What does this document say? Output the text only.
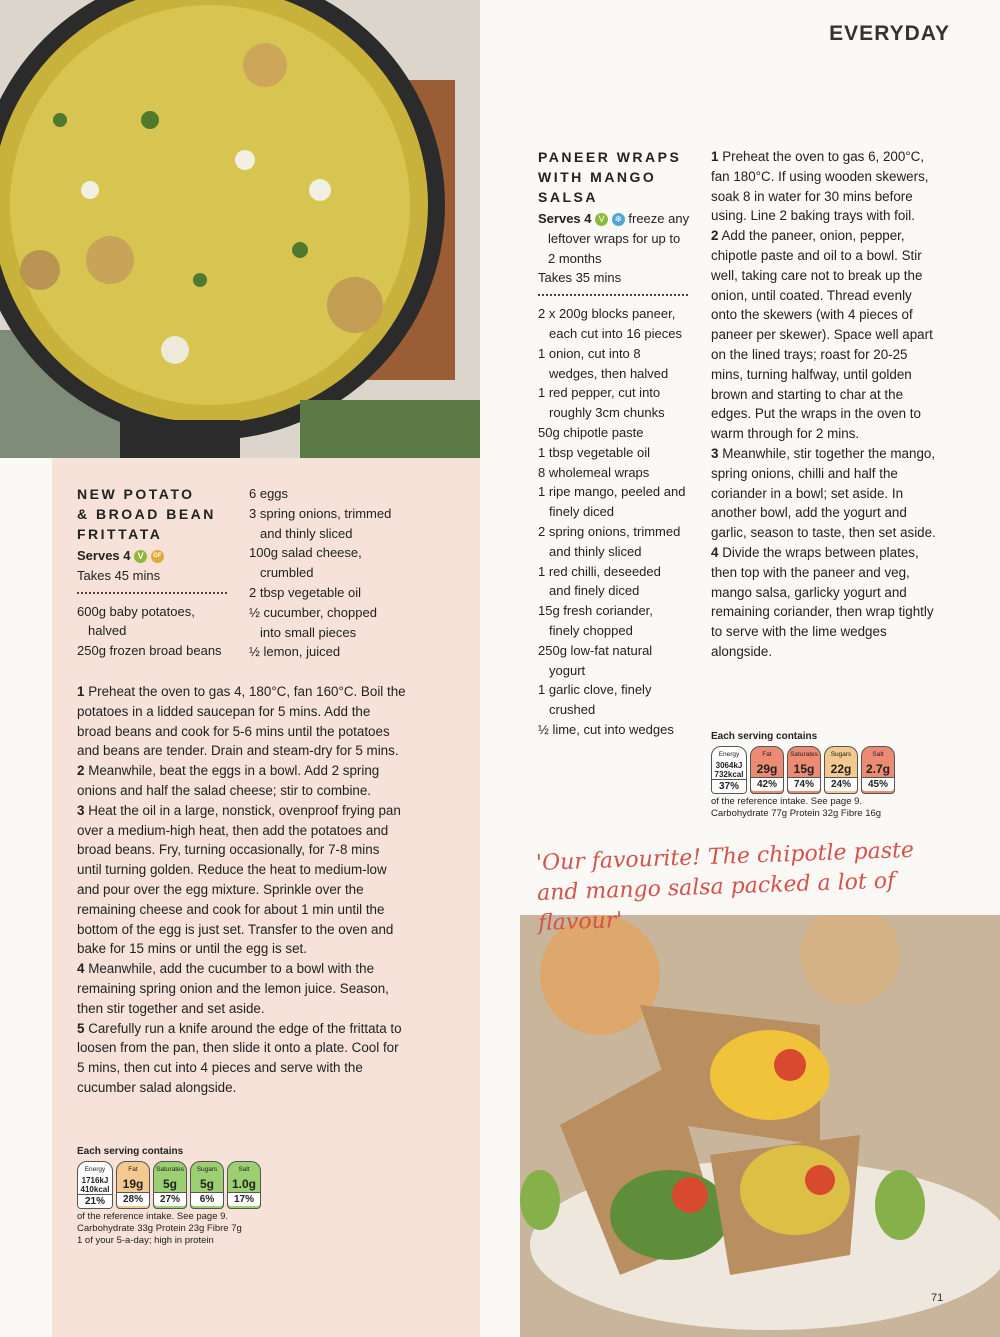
EVERYDAY
NEW POTATO
& BROAD BEAN
FRITTATA
Serves 4 V GF
Takes 45 mins
600g baby potatoes,
halved
250g frozen broad beans
6 eggs
3 spring onions, trimmed
and thinly sliced
100g salad cheese,
crumbled
2 tbsp vegetable oil
½ cucumber, chopped
into small pieces
½ lemon, juiced

1 Preheat the oven to gas 4, 180°C, fan 160°C. Boil the potatoes in a lidded saucepan for 5 mins. Add the broad beans and cook for 5-6 mins until the potatoes and beans are tender. Drain and steam-dry for 5 mins.

2 Meanwhile, beat the eggs in a bowl. Add 2 spring onions and half the salad cheese; stir to combine.

3 Heat the oil in a large, nonstick, ovenproof frying pan over a medium-high heat, then add the potatoes and broad beans. Fry, turning occasionally, for 7-8 mins until turning golden. Reduce the heat to medium-low and pour over the egg mixture. Sprinkle over the remaining cheese and cook for about 1 min until the bottom of the egg is just set. Transfer to the oven and bake for 15 mins or until the egg is set.

4 Meanwhile, add the cucumber to a bowl with the remaining spring onion and the lemon juice. Season, then stir together and set aside.

5 Carefully run a knife around the edge of the frittata to loosen from the pan, then slide it onto a plate. Cool for 5 mins, then cut into 4 pieces and serve with the cucumber salad alongside.

Each serving contains
Energy
1716kJ
410kcal
21%
Fat
19g
28%
Saturates
5g
27%
Sugars
5g
6%
Salt
1.0g
17%
of the reference intake. See page 9.
Carbohydrate 33g Protein 23g Fibre 7g
1 of your 5-a-day; high in protein
PANEER WRAPS
WITH MANGO
SALSA
Serves 4 V ❄ freeze any
leftover wraps for up to
2 months
Takes 35 mins
2 x 200g blocks paneer,
each cut into 16 pieces
1 onion, cut into 8
wedges, then halved
1 red pepper, cut into
roughly 3cm chunks
50g chipotle paste
1 tbsp vegetable oil
8 wholemeal wraps
1 ripe mango, peeled and
finely diced
2 spring onions, trimmed
and thinly sliced
1 red chilli, deseeded
and finely diced
15g fresh coriander,
finely chopped
250g low-fat natural
yogurt
1 garlic clove, finely
crushed
½ lime, cut into wedges

1 Preheat the oven to gas 6, 200°C, fan 180°C. If using wooden skewers, soak 8 in water for 30 mins before using. Line 2 baking trays with foil.

2 Add the paneer, onion, pepper, chipotle paste and oil to a bowl. Stir well, taking care not to break up the onion, until coated. Thread evenly onto the skewers (with 4 pieces of paneer per skewer). Space well apart on the lined trays; roast for 20-25 mins, turning halfway, until golden brown and starting to char at the edges. Put the wraps in the oven to warm through for 2 mins.

3 Meanwhile, stir together the mango, spring onions, chilli and half the coriander in a bowl; set aside. In another bowl, add the yogurt and garlic, season to taste, then set aside.

4 Divide the wraps between plates, then top with the paneer and veg, mango salsa, garlicky yogurt and remaining coriander, then wrap tightly to serve with the lime wedges alongside.

Each serving contains
Energy
3064kJ
732kcal
37%
Fat
29g
42%
Saturates
15g
74%
Sugars
22g
24%
Salt
2.7g
45%
of the reference intake. See page 9.
Carbohydrate 77g Protein 32g Fibre 16g
'Our favourite! The chipotle paste and mango salsa packed a lot of flavour'
71
